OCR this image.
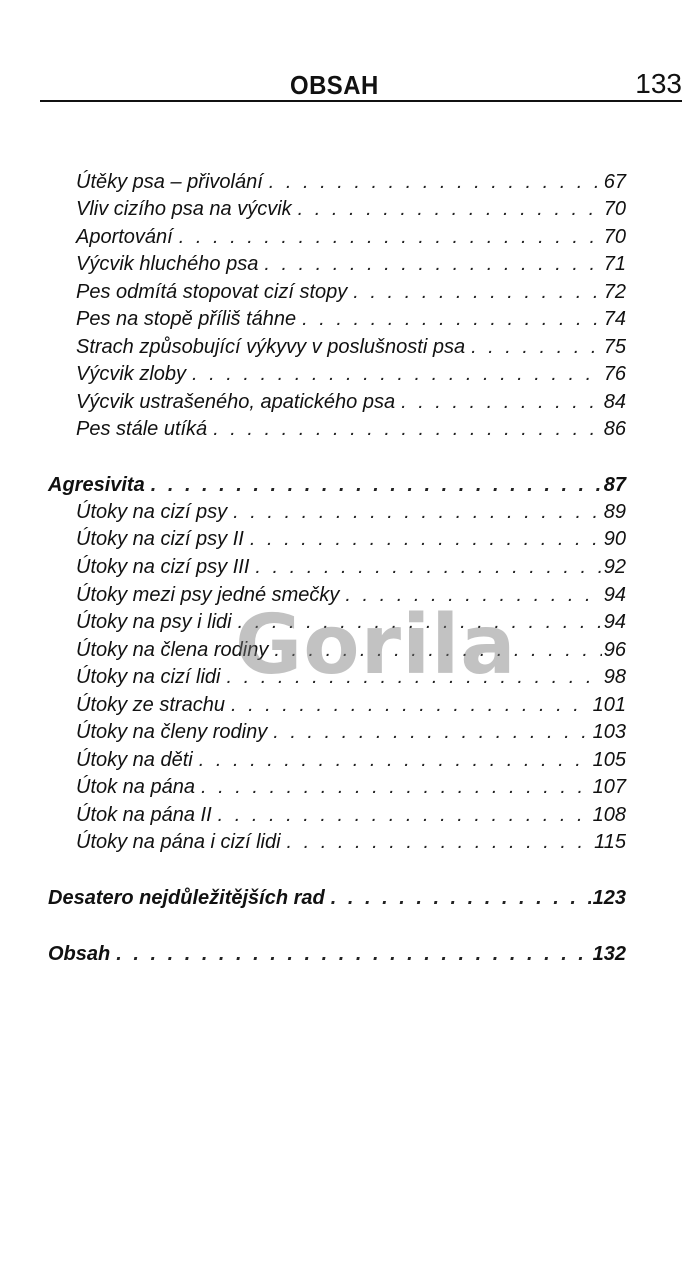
OBSAH	133
Útěky psa – přivolání . . .	67
Vliv cizího psa na výcvik . . .	70
Aportování . . .	70
Výcvik hluchého psa . . .	71
Pes odmítá stopovat cizí stopy . . .	72
Pes na stopě příliš táhne . . .	74
Strach způsobující výkyvy v poslušnosti psa . . .	75
Výcvik zloby . . .	76
Výcvik ustrašeného, apatického psa . . .	84
Pes stále utíká . . .	86
Agresivita . . .	87
Útoky na cizí psy . . .	89
Útoky na cizí psy II . . .	90
Útoky na cizí psy III . . .	92
Útoky mezi psy jedné smečky . . .	94
Útoky na psy i lidi . . .	94
Útoky na člena rodiny . . .	96
Útoky na cizí lidi . . .	98
Útoky ze strachu . . .	101
Útoky na členy rodiny . . .	103
Útoky na děti . . .	105
Útok na pána . . .	107
Útok na pána II . . .	108
Útoky na pána i cizí lidi . . .	115
Desatero nejdůležitějších rad . . .	123
Obsah . . .	132
Gorila
